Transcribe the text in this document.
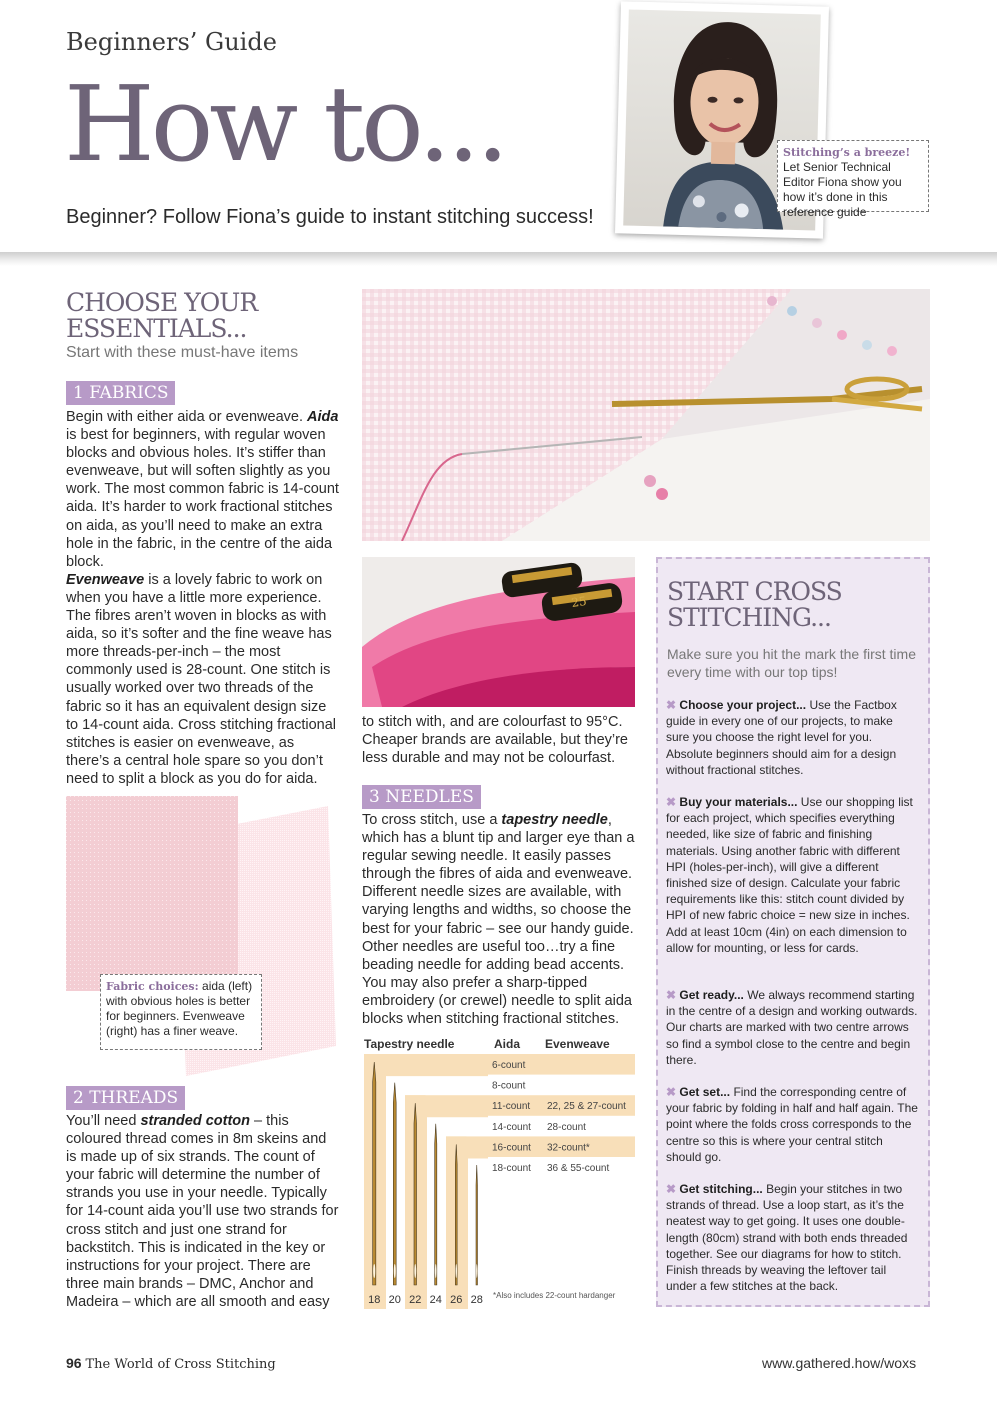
Beginners’ Guide
How to...
Beginner? Follow Fiona’s guide to instant stitching success!
Stitching’s a breeze!
Let Senior Technical Editor Fiona show you how it’s done in this reference guide
CHOOSE YOUR
ESSENTIALS...
Start with these must-have items
1 FABRICS
Begin with either aida or evenweave. Aida is best for beginners, with regular woven blocks and obvious holes. It’s stiffer than evenweave, but will soften slightly as you work. The most common fabric is 14-count aida. It’s harder to work fractional stitches on aida, as you’ll need to make an extra hole in the fabric, in the centre of the aida block.
Evenweave is a lovely fabric to work on when you have a little more experience. The fibres aren’t woven in blocks as with aida, so it’s softer and the fine weave has more threads-per-inch – the most commonly used is 28-count. One stitch is usually worked over two threads of the fabric so it has an equivalent design size to 14-count aida. Cross stitching fractional stitches is easier on evenweave, as there’s a central hole spare so you don’t need to split a block as you do for aida.
Fabric choices: aida (left) with obvious holes is better for beginners. Evenweave (right) has a finer weave.
2 THREADS
You’ll need stranded cotton – this coloured thread comes in 8m skeins and is made up of six strands. The count of your fabric will determine the number of strands you use in your needle. Typically for 14-count aida you’ll use two strands for cross stitch and just one strand for backstitch. This is indicated in the key or instructions for your project. There are three main brands – DMC, Anchor and Madeira – which are all smooth and easy
25
to stitch with, and are colourfast to 95°C. Cheaper brands are available, but they’re less durable and may not be colourfast.
3 NEEDLES
To cross stitch, use a tapestry needle, which has a blunt tip and larger eye than a regular sewing needle. It easily passes through the fibres of aida and evenweave. Different needle sizes are available, with varying lengths and widths, so choose the best for your fabric – see our handy guide. Other needles are useful too…try a fine beading needle for adding bead accents. You may also prefer a sharp-tipped embroidery (or crewel) needle to split aida blocks when stitching fractional stitches.
Tapestry needle	Aida Evenweave
6-count
8-count
11-count 22, 25 & 27-count
14-count 28-count
16-count 32-count*
18-count 36 & 55-count
18 20 22 24 26 28 *Also includes 22-count hardanger
START CROSS
STITCHING...
Make sure you hit the mark the first time every time with our top tips!
✖ Choose your project... Use the Factbox guide in every one of our projects, to make sure you choose the right level for you. Absolute beginners should aim for a design without fractional stitches.
✖ Buy your materials... Use our shopping list for each project, which specifies everything needed, like size of fabric and finishing materials. Using another fabric with different HPI (holes-per-inch), will give a different finished size of design. Calculate your fabric requirements like this: stitch count divided by HPI of new fabric choice = new size in inches. Add at least 10cm (4in) on each dimension to allow for mounting, or less for cards.
✖ Get ready... We always recommend starting in the centre of a design and working outwards. Our charts are marked with two centre arrows so find a symbol close to the centre and begin there.
✖ Get set... Find the corresponding centre of your fabric by folding in half and half again. The point where the folds cross corresponds to the centre so this is where your central stitch should go.
✖ Get stitching... Begin your stitches in two strands of thread. Use a loop start, as it’s the neatest way to get going. It uses one double-length (80cm) strand with both ends threaded together. See our diagrams for how to stitch. Finish threads by weaving the leftover tail under a few stitches at the back.
96 The World of Cross Stitching	www.gathered.how/woxs
